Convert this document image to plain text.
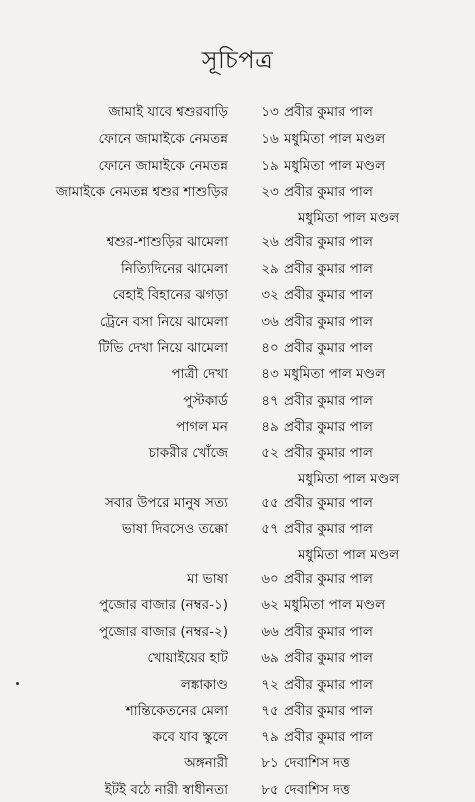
সূচিপত্র
জামাই যাবে শ্বশুরবাড়ি	১৩ প্রবীর কুমার পাল
ফোনে জামাইকে নেমতন্ন	১৬ মধুমিতা পাল মণ্ডল
ফোনে জামাইকে নেমতন্ন	১৯ মধুমিতা পাল মণ্ডল
জামাইকে নেমতন্ন শ্বশুর শাশুড়ির	২৩ প্রবীর কুমার পাল
মধুমিতা পাল মণ্ডল
শ্বশুর-শাশুড়ির ঝামেলা	২৬ প্রবীর কুমার পাল
নিত্যিদিনের ঝামেলা	২৯ প্রবীর কুমার পাল
বেহাই বিহানের ঝগড়া	৩২ প্রবীর কুমার পাল
ট্রেনে বসা নিয়ে ঝামেলা	৩৬ প্রবীর কুমার পাল
টিভি দেখা নিয়ে ঝামেলা	৪০ প্রবীর কুমার পাল
পাত্রী দেখা	৪৩ মধুমিতা পাল মণ্ডল
পুস্টকার্ড	৪৭ প্রবীর কুমার পাল
পাগল মন	৪৯ প্রবীর কুমার পাল
চাকরীর খোঁজে	৫২ প্রবীর কুমার পাল
মধুমিতা পাল মণ্ডল
সবার উপরে মানুষ সত্য	৫৫ প্রবীর কুমার পাল
ভাষা দিবসেও তক্কো	৫৭ প্রবীর কুমার পাল
মধুমিতা পাল মণ্ডল
মা ভাষা	৬০ প্রবীর কুমার পাল
পুজোর বাজার (নম্বর-১)	৬২ মধুমিতা পাল মণ্ডল
পুজোর বাজার (নম্বর-২)	৬৬ প্রবীর কুমার পাল
খোয়াইয়ের হাট	৬৯ প্রবীর কুমার পাল
লঙ্কাকাণ্ড	৭২ প্রবীর কুমার পাল
শান্তিকেতনের মেলা	৭৫ প্রবীর কুমার পাল
কবে যাব স্কুলে	৭৯ প্রবীর কুমার পাল
অঙ্গনারী	৮১ দেবাশিস দত্ত
ইটই বঠে নারী স্বাধীনতা	৮৫ দেবাশিস দত্ত
